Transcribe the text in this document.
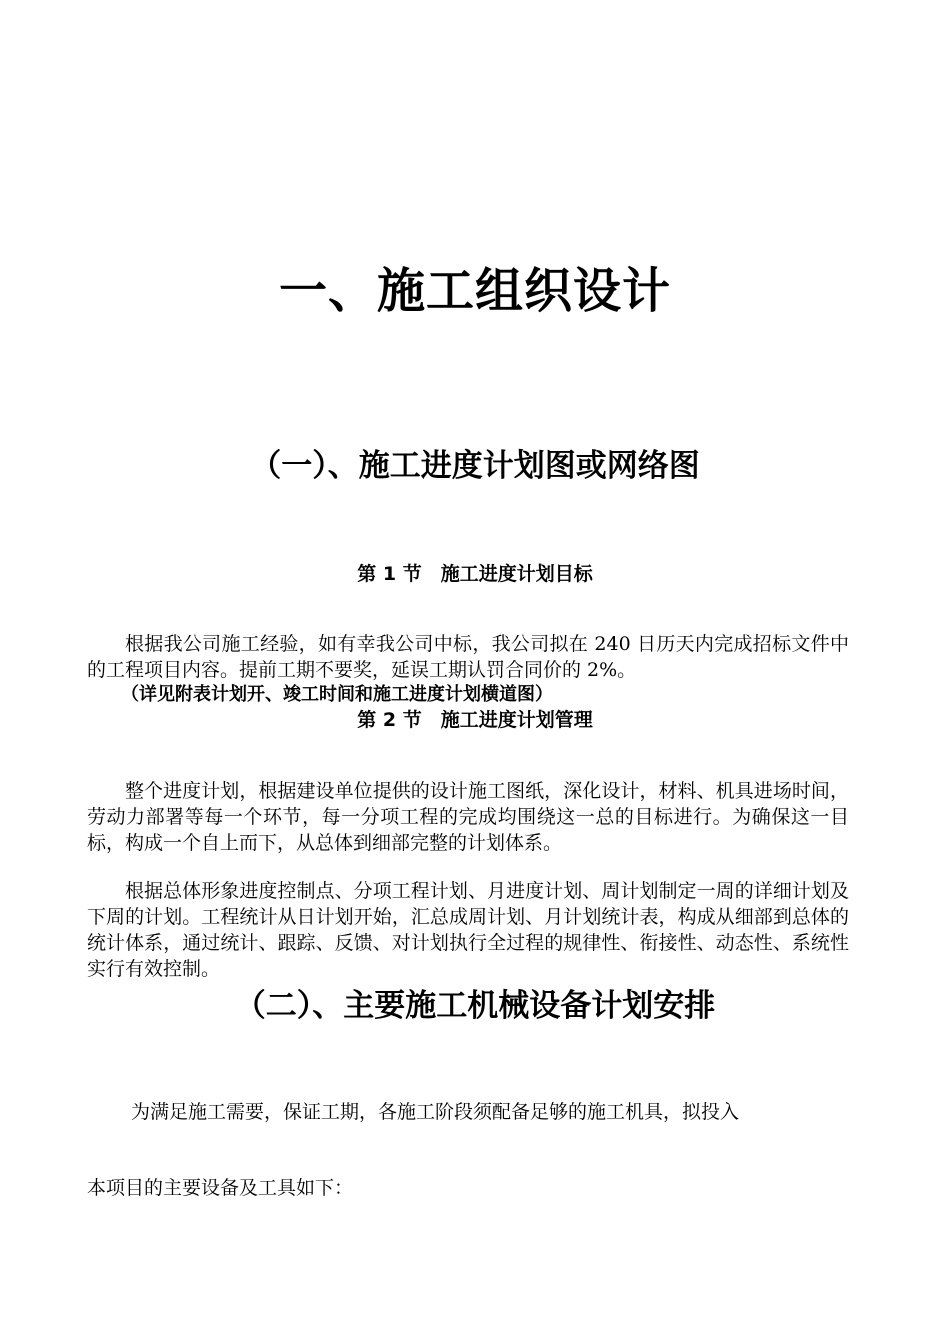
一、施工组织设计
（一）、施工进度计划图或网络图
第 1 节　施工进度计划目标

根据我公司施工经验，如有幸我公司中标，我公司拟在 240 日历天内完成招标文件中的工程项目内容。提前工期不要奖，延误工期认罚合同价的 2%。

（详见附表计划开、竣工时间和施工进度计划横道图）

第 2 节　施工进度计划管理

整个进度计划，根据建设单位提供的设计施工图纸，深化设计，材料、机具进场时间，劳动力部署等每一个环节，每一分项工程的完成均围绕这一总的目标进行。为确保这一目标，构成一个自上而下，从总体到细部完整的计划体系。

根据总体形象进度控制点、分项工程计划、月进度计划、周计划制定一周的详细计划及下周的计划。工程统计从日计划开始，汇总成周计划、月计划统计表，构成从细部到总体的统计体系，通过统计、跟踪、反馈、对计划执行全过程的规律性、衔接性、动态性、系统性实行有效控制。

（二）、主要施工机械设备计划安排

为满足施工需要，保证工期，各施工阶段须配备足够的施工机具，拟投入

本项目的主要设备及工具如下：
